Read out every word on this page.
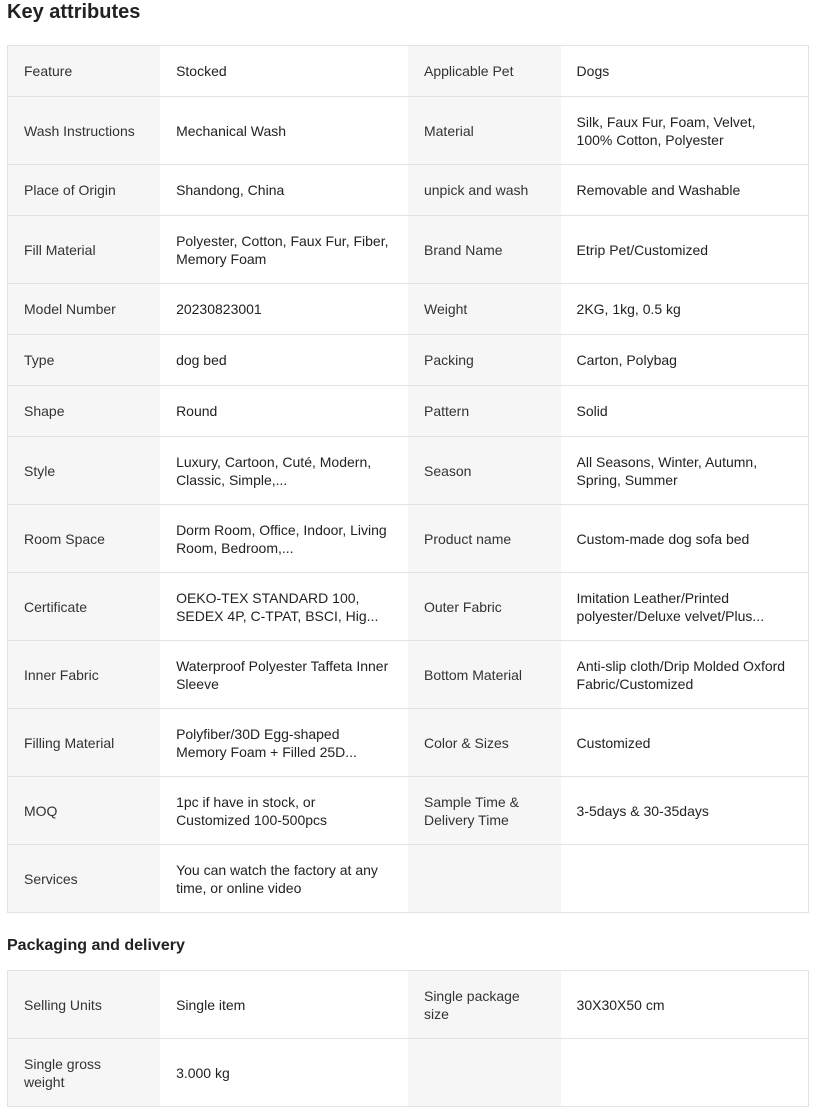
Key attributes
Feature	Stocked	Applicable Pet	Dogs

Wash Instructions	Mechanical Wash	Material	Silk, Faux Fur, Foam, Velvet, 100% Cotton, Polyester

Place of Origin	Shandong, China	unpick and wash	Removable and Washable

Fill Material	Polyester, Cotton, Faux Fur, Fiber, Memory Foam	Brand Name	Etrip Pet/Customized

Model Number	20230823001	Weight	2KG, 1kg, 0.5 kg

Type	dog bed	Packing	Carton, Polybag

Shape	Round	Pattern	Solid

Style	Luxury, Cartoon, Cuté, Modern, Classic, Simple,...	Season	All Seasons, Winter, Autumn, Spring, Summer

Room Space	Dorm Room, Office, Indoor, Living Room, Bedroom,...	Product name	Custom-made dog sofa bed

Certificate	OEKO-TEX STANDARD 100, SEDEX 4P, C-TPAT, BSCI, Hig...	Outer Fabric	Imitation Leather/Printed polyester/Deluxe velvet/Plus...

Inner Fabric	Waterproof Polyester Taffeta Inner Sleeve	Bottom Material	Anti-slip cloth/Drip Molded Oxford Fabric/Customized

Filling Material	Polyfiber/30D Egg-shaped Memory Foam + Filled 25D...	Color & Sizes	Customized

MOQ	1pc if have in stock, or Customized 100-500pcs	Sample Time & Delivery Time	3-5days & 30-35days

Services	You can watch the factory at any time, or online video		

Packaging and delivery
Selling Units	Single item	Single package size	30X30X50 cm

Single gross weight	3.000 kg		
